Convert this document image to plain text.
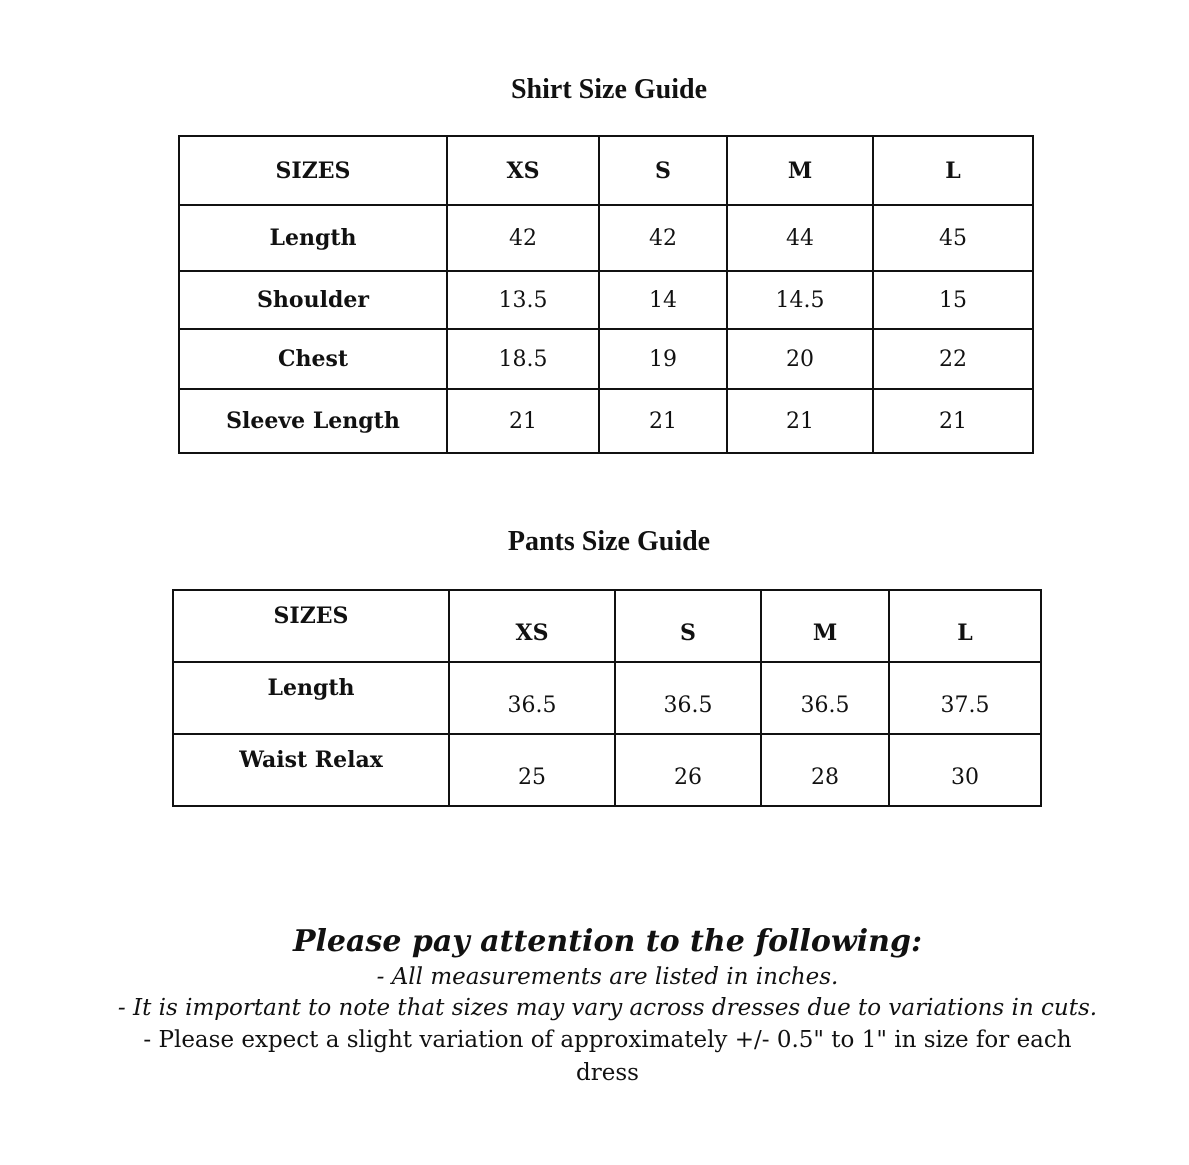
Shirt Size Guide
SIZES	XS	S	M	L
Length	42	42	44	45
Shoulder	13.5	14	14.5	15
Chest	18.5	19	20	22
Sleeve Length	21	21	21	21
Pants Size Guide
SIZES	XS	S	M	L
Length	36.5	36.5	36.5	37.5
Waist Relax	25	26	28	30
Please pay attention to the following:
- All measurements are listed in inches.
- It is important to note that sizes may vary across dresses due to variations in cuts.
- Please expect a slight variation of approximately +/- 0.5" to 1" in size for each dress
